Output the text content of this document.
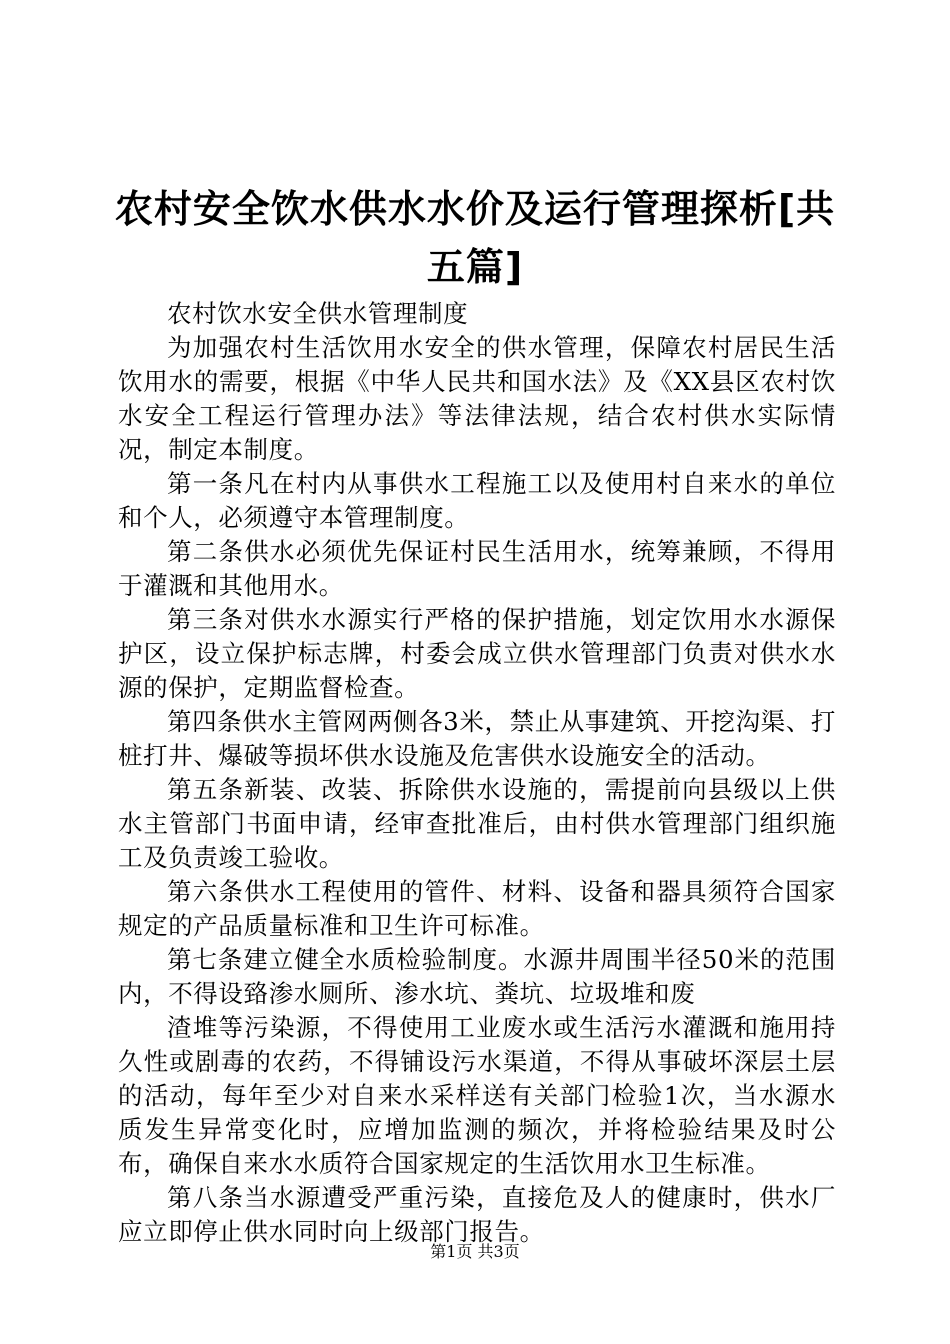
农村安全饮水供水水价及运行管理探析[共五篇]

农村饮水安全供水管理制度

为加强农村生活饮用水安全的供水管理，保障农村居民生活饮用水的需要，根据《中华人民共和国水法》及《XX县区农村饮水安全工程运行管理办法》等法律法规，结合农村供水实际情况，制定本制度。

第一条凡在村内从事供水工程施工以及使用村自来水的单位和个人，必须遵守本管理制度。

第二条供水必须优先保证村民生活用水，统筹兼顾，不得用于灌溉和其他用水。

第三条对供水水源实行严格的保护措施，划定饮用水水源保护区，设立保护标志牌，村委会成立供水管理部门负责对供水水源的保护，定期监督检查。

第四条供水主管网两侧各3米，禁止从事建筑、开挖沟渠、打桩打井、爆破等损坏供水设施及危害供水设施安全的活动。

第五条新装、改装、拆除供水设施的，需提前向县级以上供水主管部门书面申请，经审查批准后，由村供水管理部门组织施工及负责竣工验收。

第六条供水工程使用的管件、材料、设备和器具须符合国家规定的产品质量标准和卫生许可标准。

第七条建立健全水质检验制度。水源井周围半径50米的范围内，不得设臵渗水厕所、渗水坑、粪坑、垃圾堆和废

渣堆等污染源，不得使用工业废水或生活污水灌溉和施用持久性或剧毒的农药，不得铺设污水渠道，不得从事破坏深层土层的活动，每年至少对自来水采样送有关部门检验1次，当水源水质发生异常变化时，应增加监测的频次，并将检验结果及时公布，确保自来水水质符合国家规定的生活饮用水卫生标准。

第八条当水源遭受严重污染，直接危及人的健康时，供水厂应立即停止供水同时向上级部门报告。

第1页 共3页
